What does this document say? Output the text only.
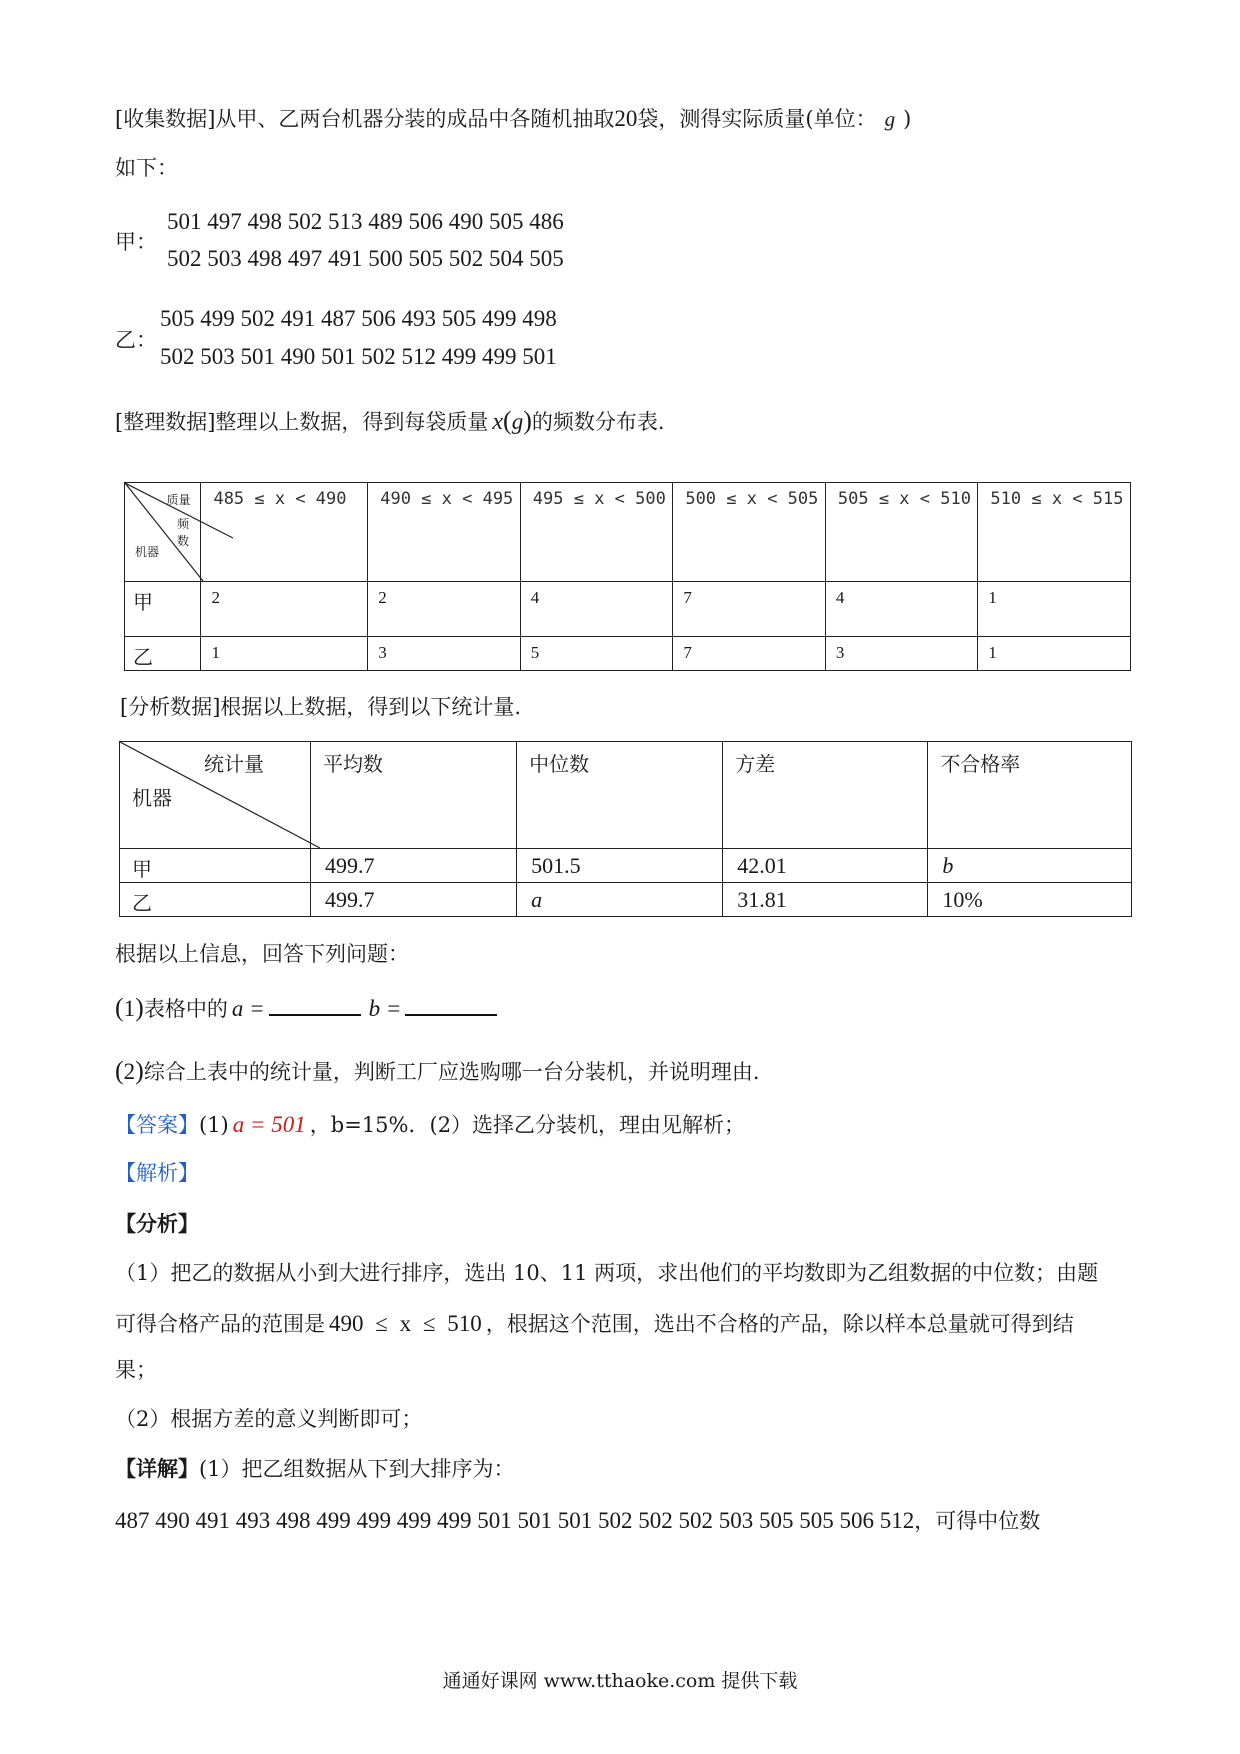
[收集数据]从甲、乙两台机器分装的成品中各随机抽取20袋，测得实际质量(单位： g )
如下：
甲：
501 497 498 502 513 489 506 490 505 486
502 503 498 497 491 500 505 502 504 505
乙：
505 499 502 491 487 506 493 505 499 498
502 503 501 490 501 502 512 499 499 501
[整理数据]整理以上数据，得到每袋质量 x(g)的频数分布表.
质量
频数
机器	485 ≤ x < 490	490 ≤ x < 495	495 ≤ x < 500	500 ≤ x < 505	505 ≤ x < 510	510 ≤ x < 515
甲	2	2	4	7	4	1
乙	1	3	5	7	3	1
[分析数据]根据以上数据，得到以下统计量.
统计量
机器	平均数	中位数	方差	不合格率
甲	499.7	501.5	42.01	b
乙	499.7	a	31.81	10%
根据以上信息，回答下列问题：
(1)表格中的 a =	b =
(2)综合上表中的统计量，判断工厂应选购哪一台分装机，并说明理由.
【答案】(1) a = 501 ，b=15%．(2）选择乙分装机，理由见解析；
【解析】
【分析】
（1）把乙的数据从小到大进行排序，选出 10、11 两项，求出他们的平均数即为乙组数据的中位数；由题
可得合格产品的范围是 490 ≤ x ≤ 510 ，根据这个范围，选出不合格的产品，除以样本总量就可得到结
果；
（2）根据方差的意义判断即可；
【详解】(1）把乙组数据从下到大排序为：
487 490 491 493 498 499 499 499 499 501 501 501 502 502 502 503 505 505 506 512，可得中位数
通通好课网 www.tthaoke.com 提供下载
